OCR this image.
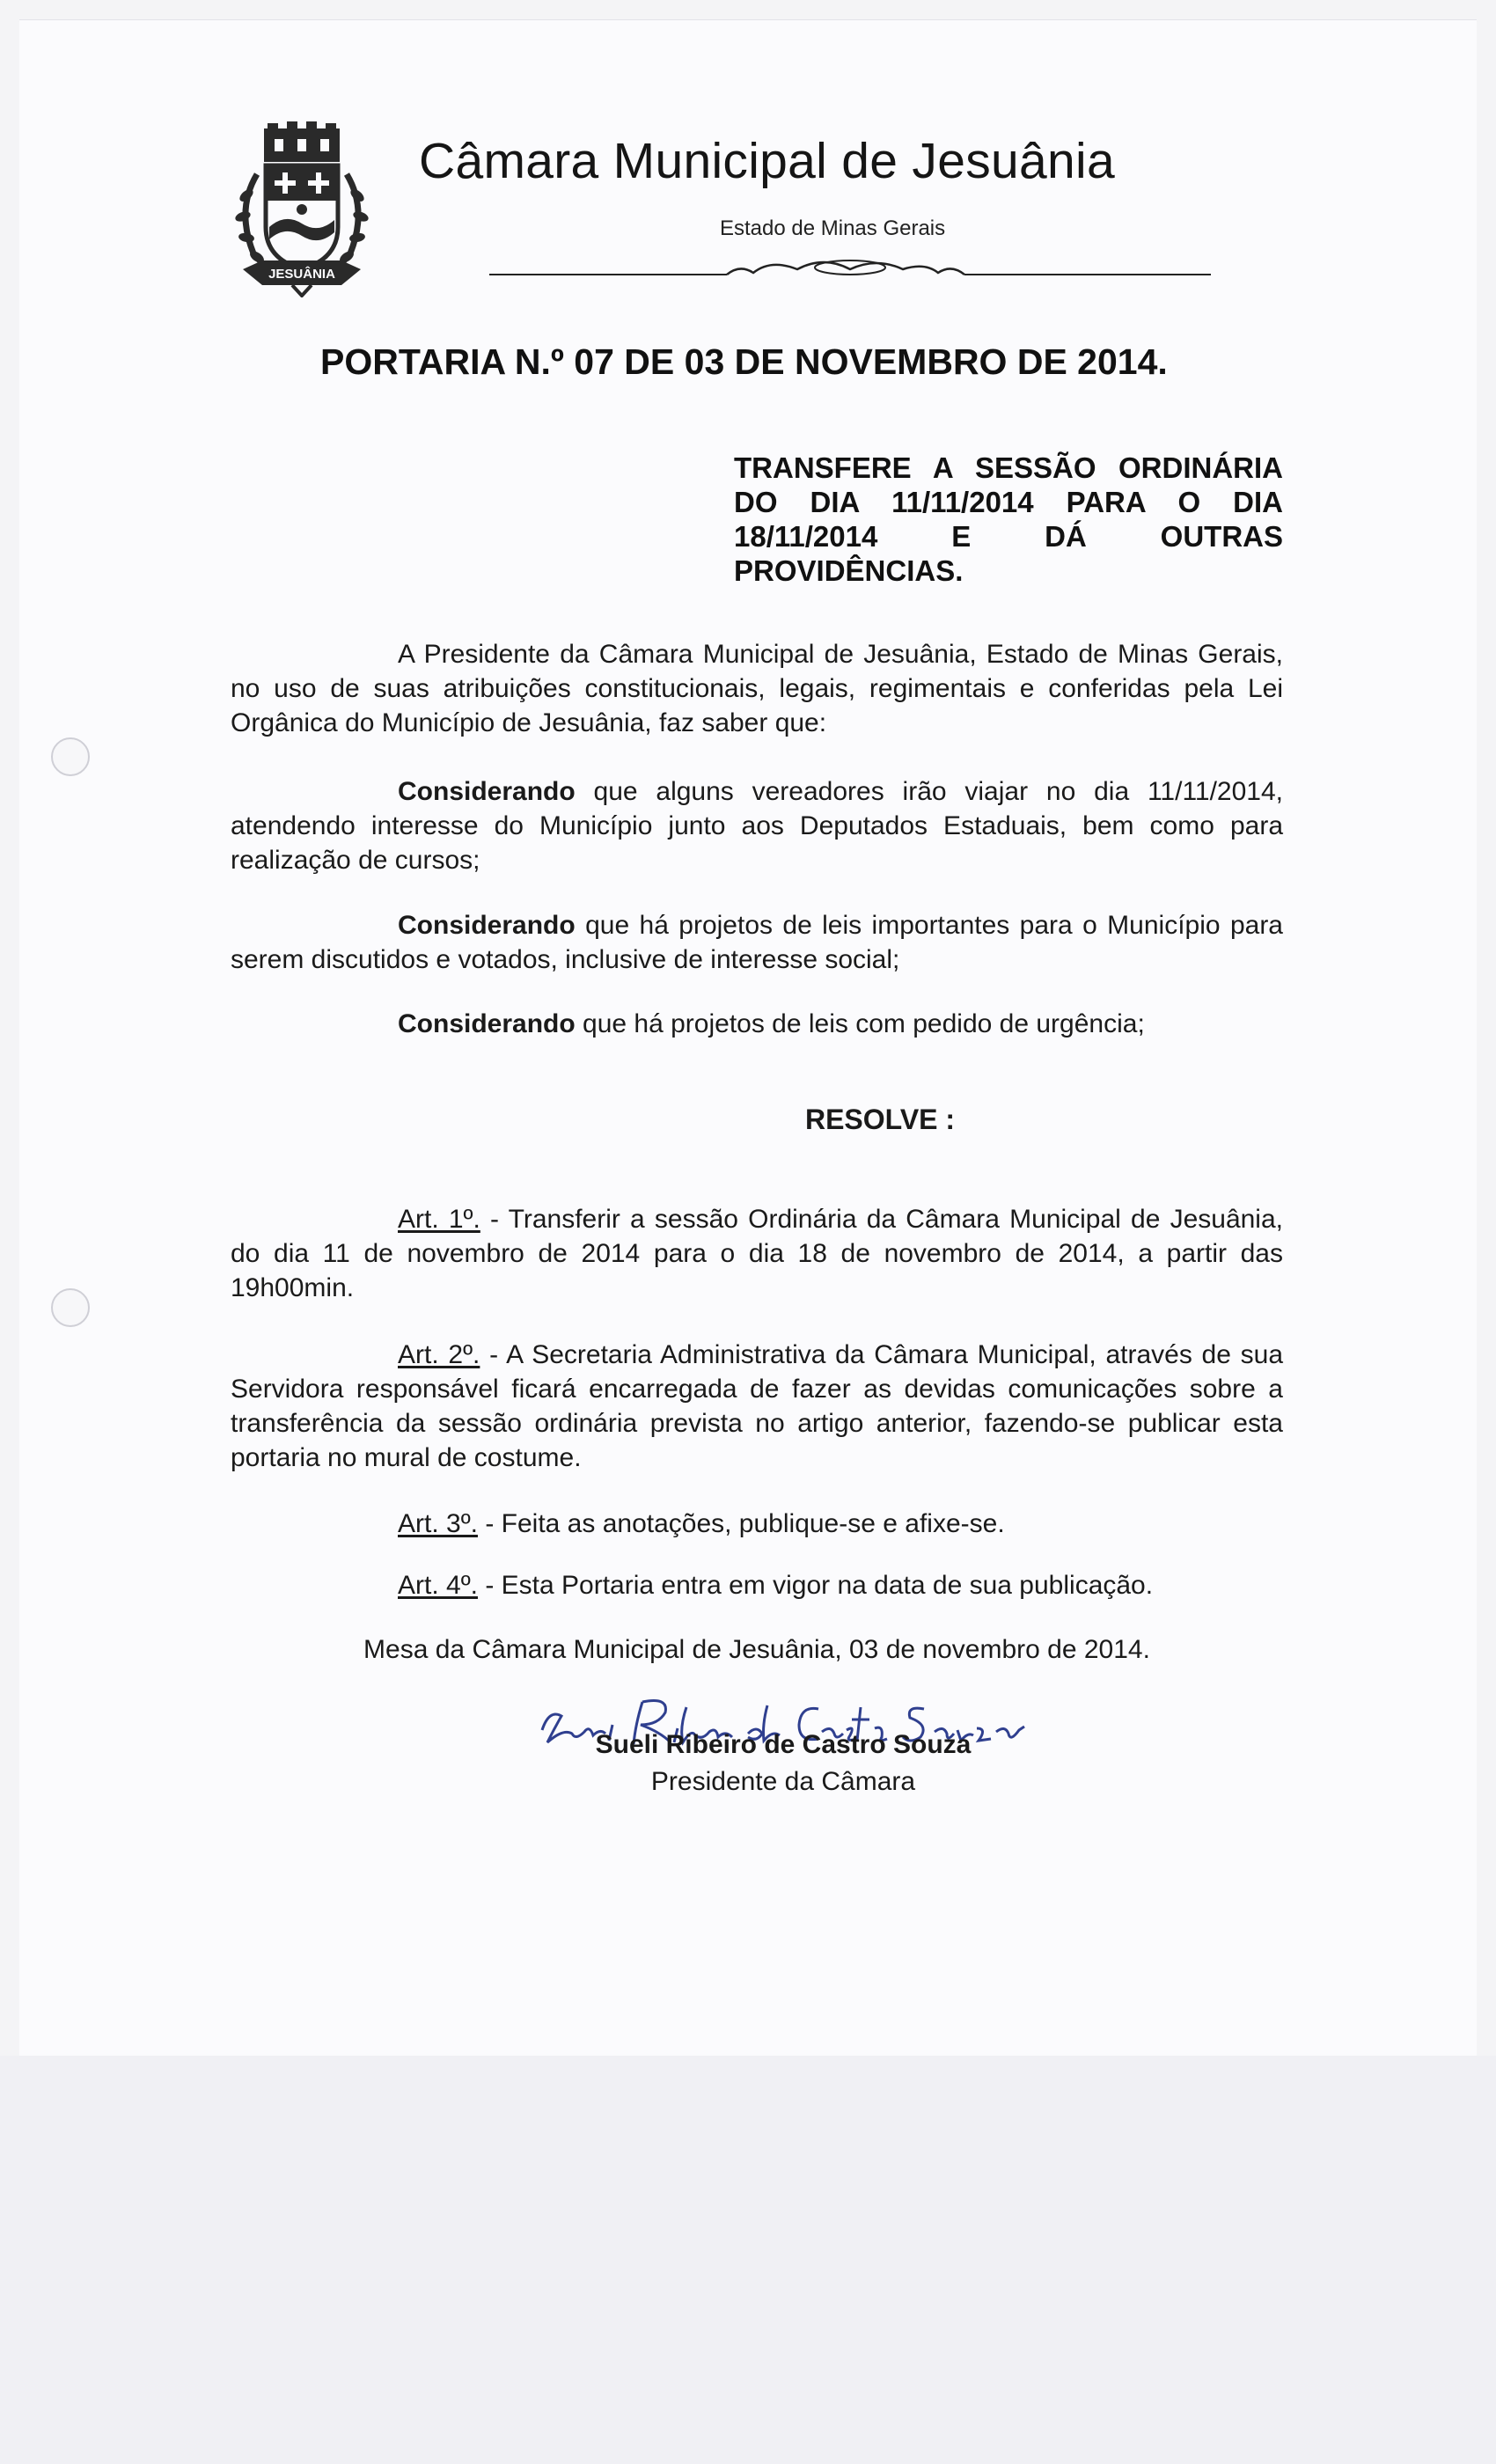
JESUÂNIA
Câmara Municipal de Jesuânia
Estado de Minas Gerais
PORTARIA N.º 07 DE 03 DE NOVEMBRO DE 2014.
TRANSFERE A SESSÃO ORDINÁRIA DO DIA 11/11/2014 PARA O DIA 18/11/2014 E DÁ OUTRAS PROVIDÊNCIAS.
A Presidente da Câmara Municipal de Jesuânia, Estado de Minas Gerais, no uso de suas atribuições constitucionais, legais, regimentais e conferidas pela Lei Orgânica do Município de Jesuânia, faz saber que:
Considerando que alguns vereadores irão viajar no dia 11/11/2014, atendendo interesse do Município junto aos Deputados Estaduais, bem como para realização de cursos;
Considerando que há projetos de leis importantes para o Município para serem discutidos e votados, inclusive de interesse social;
Considerando que há projetos de leis com pedido de urgência;
RESOLVE :
Art. 1º. - Transferir a sessão Ordinária da Câmara Municipal de Jesuânia, do dia 11 de novembro de 2014 para o dia 18 de novembro de 2014, a partir das 19h00min.
Art. 2º. - A Secretaria Administrativa da Câmara Municipal, através de sua Servidora responsável ficará encarregada de fazer as devidas comunicações sobre a transferência da sessão ordinária prevista no artigo anterior, fazendo-se publicar esta portaria no mural de costume.
Art. 3º. - Feita as anotações, publique-se e afixe-se.
Art. 4º. - Esta Portaria entra em vigor na data de sua publicação.
Mesa da Câmara Municipal de Jesuânia, 03 de novembro de 2014.
Sueli Ribeiro de Castro Souza
Presidente da Câmara
